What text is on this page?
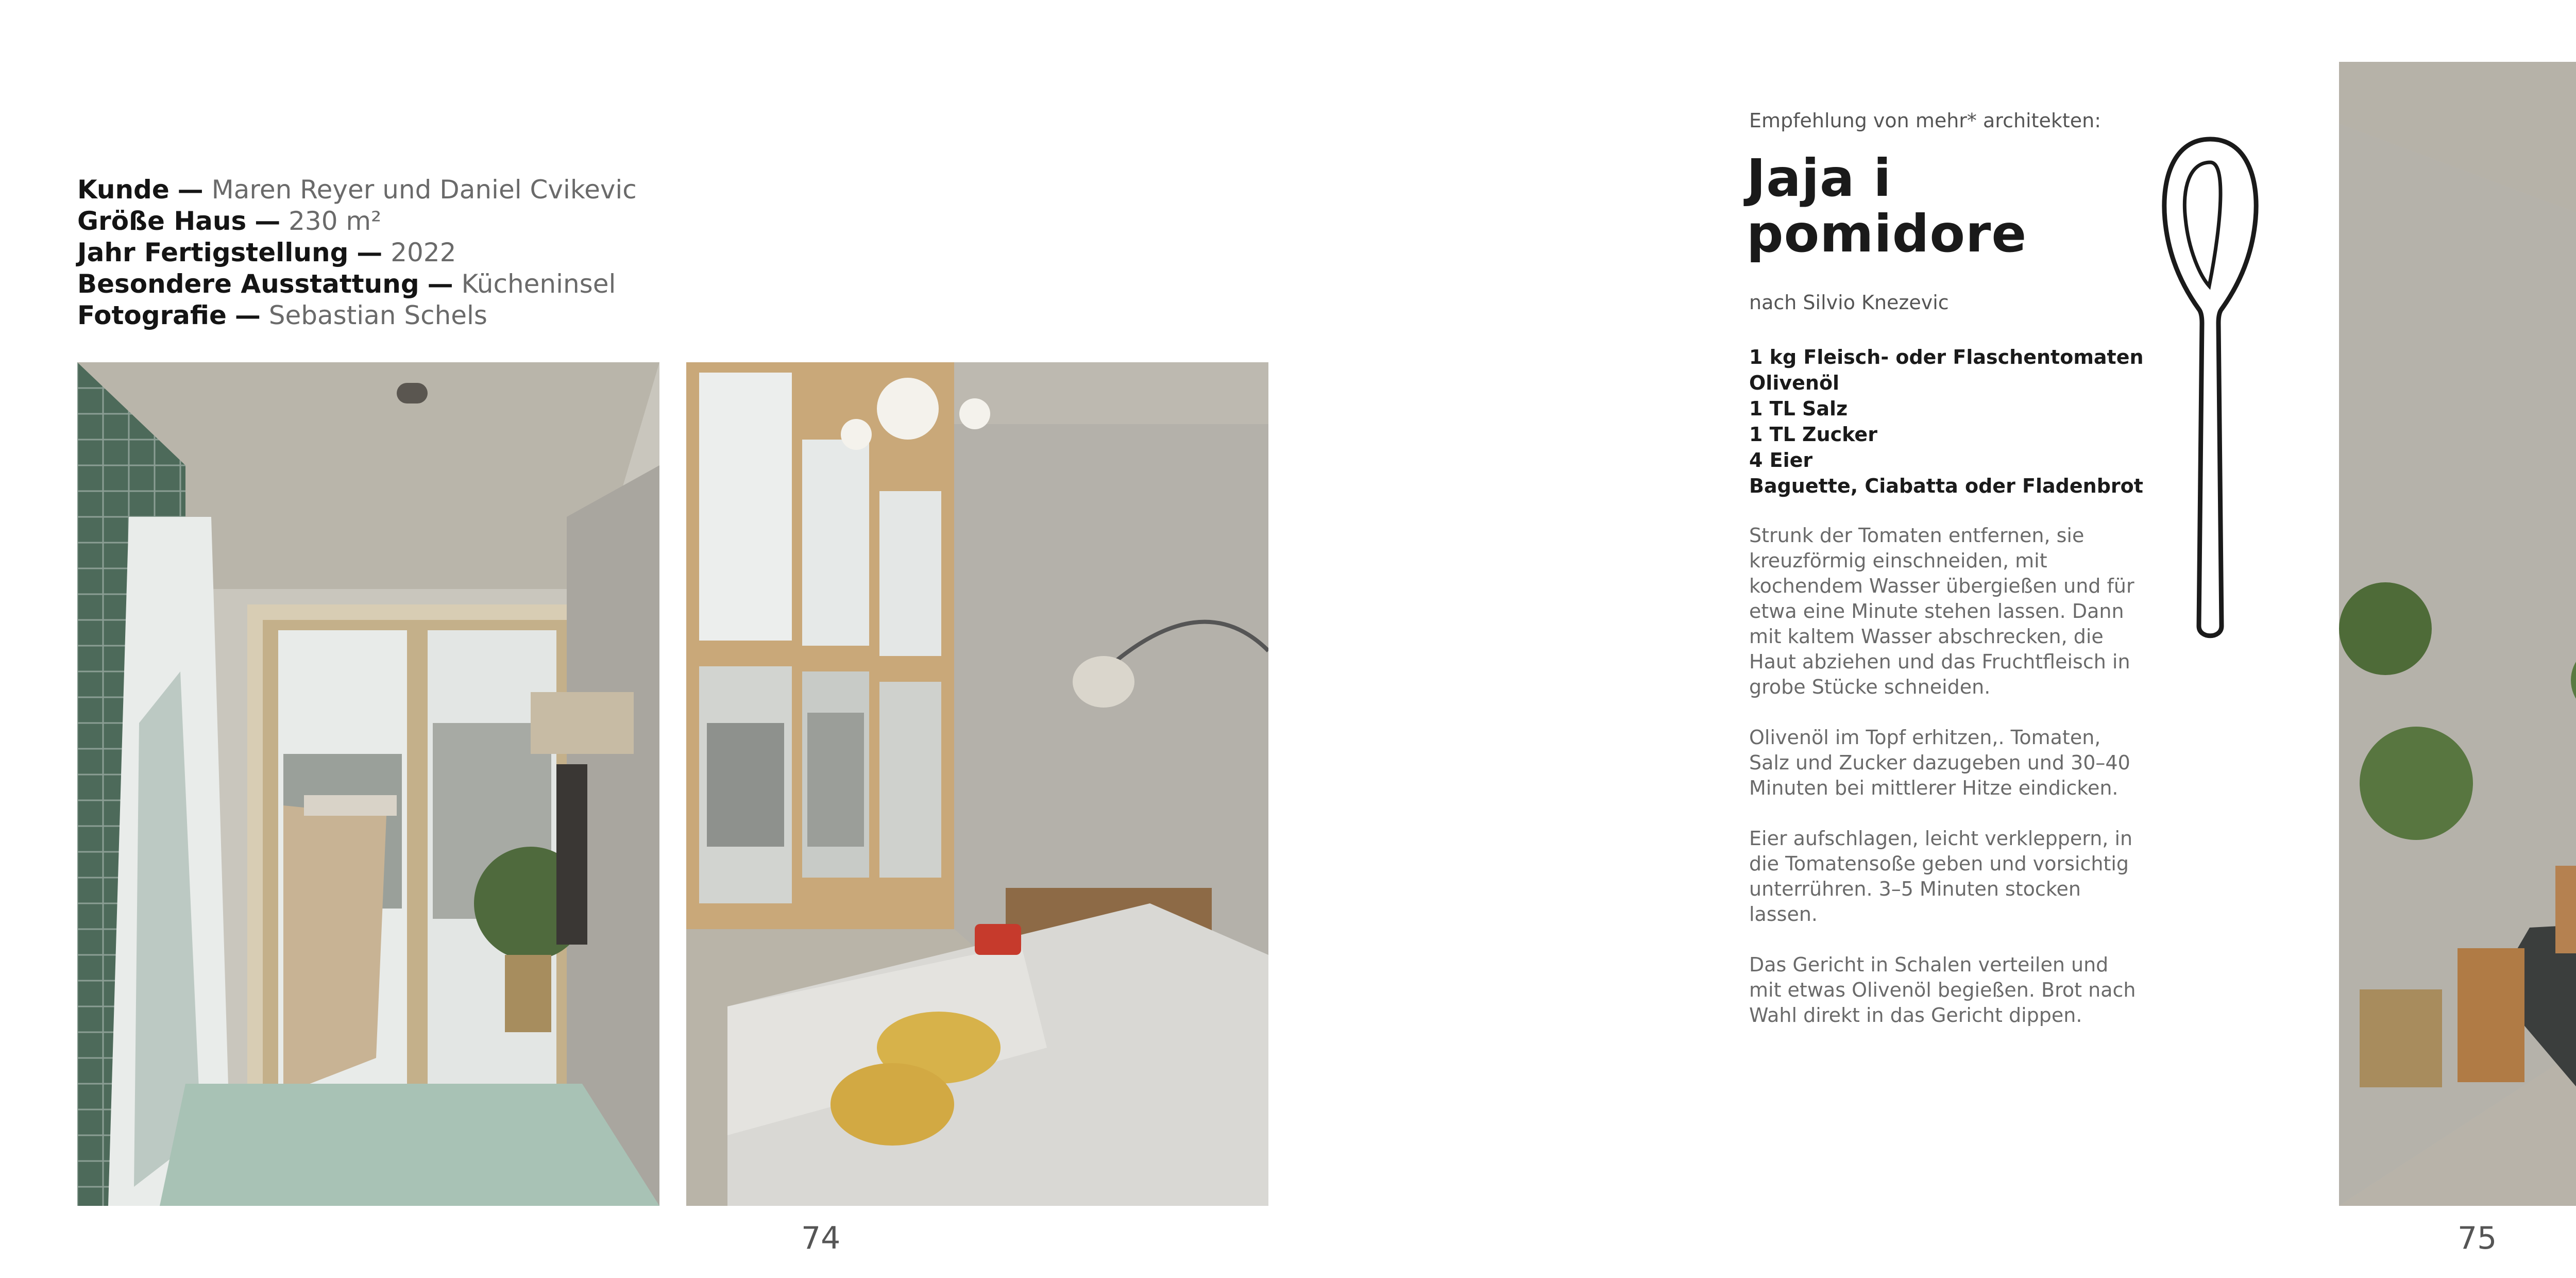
Kunde — Maren Reyer und Daniel Cvikevic
Größe Haus — 230 m²
Jahr Fertigstellung — 2022
Besondere Ausstattung — Kücheninsel
Fotografie — Sebastian Schels
74
Empfehlung von mehr* architekten:
Jaja i
pomidore
nach Silvio Knezevic
1 kg Fleisch- oder Flaschentomaten
Olivenöl
1 TL Salz
1 TL Zucker
4 Eier
Baguette, Ciabatta oder Fladenbrot

Strunk der Tomaten entfernen, sie kreuzförmig einschneiden, mit kochendem Wasser übergießen und für etwa eine Minute stehen lassen. Dann mit kaltem Wasser abschrecken, die Haut abziehen und das Fruchtfleisch in grobe Stücke schneiden.

Olivenöl im Topf erhitzen,. Tomaten, Salz und Zucker dazugeben und 30–40 Minuten bei mittlerer Hitze eindicken.

Eier aufschlagen, leicht verkleppern, in die Tomatensoße geben und vorsichtig unterrühren. 3–5 Minuten stocken lassen.

Das Gericht in Schalen verteilen und mit etwas Olivenöl begießen. Brot nach Wahl direkt in das Gericht dippen.

75
